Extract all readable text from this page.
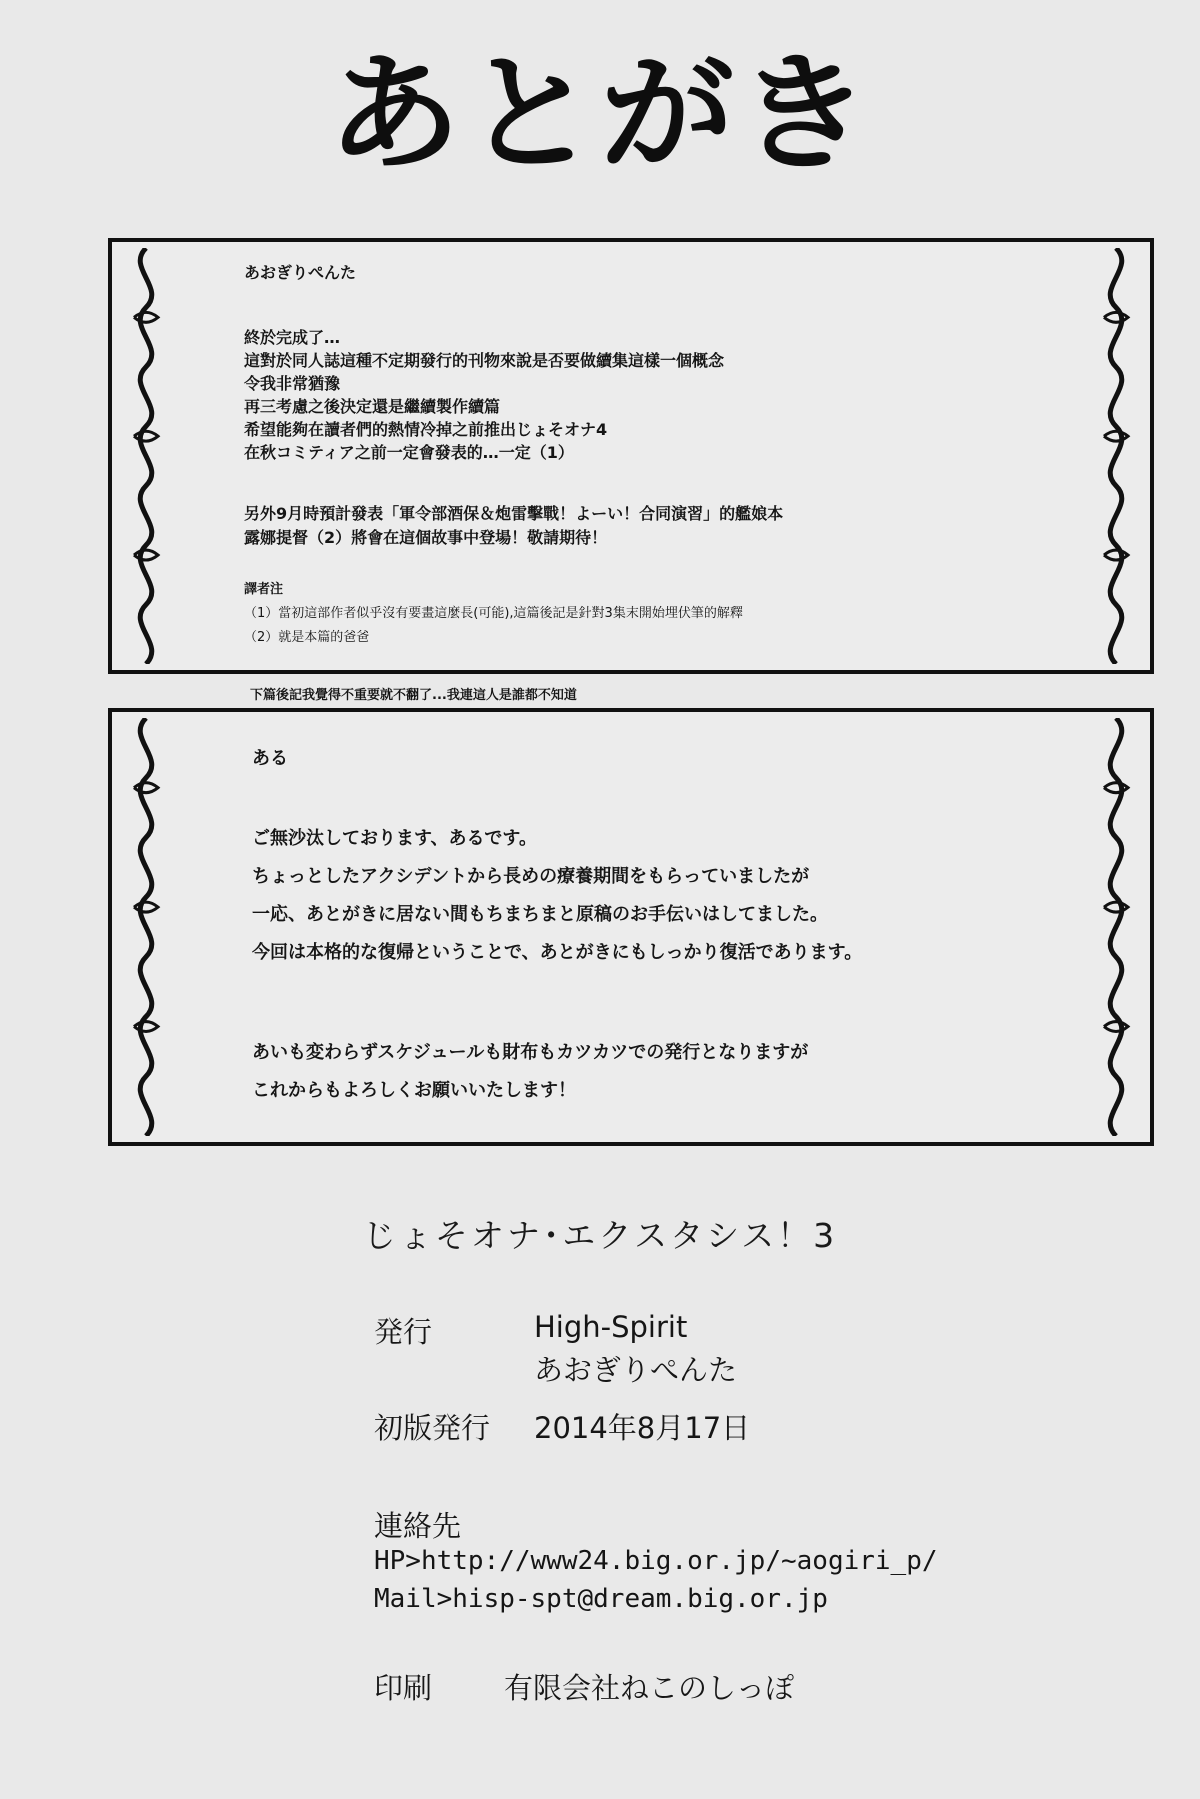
あとがき
あおぎりぺんた
終於完成了…
這對於同人誌這種不定期發行的刊物來說是否要做續集這樣一個概念
令我非常猶豫
再三考慮之後決定還是繼續製作續篇
希望能夠在讀者們的熱情冷掉之前推出じょそオナ4
在秋コミティア之前一定會發表的…一定（1）
另外9月時預計發表「軍令部酒保＆炮雷擊戰！よーい！合同演習」的艦娘本
露娜提督（2）將會在這個故事中登場！敬請期待！
譯者注
（1）當初這部作者似乎沒有要畫這麼長(可能),這篇後記是針對3集末開始埋伏筆的解釋
（2）就是本篇的爸爸
下篇後記我覺得不重要就不翻了...我連這人是誰都不知道
ある
ご無沙汰しております、あるです。
ちょっとしたアクシデントから長めの療養期間をもらっていましたが
一応、あとがきに居ない間もちまちまと原稿のお手伝いはしてました。
今回は本格的な復帰ということで、あとがきにもしっかり復活であります。
あいも変わらずスケジュールも財布もカツカツでの発行となりますが
これからもよろしくお願いいたします！
じょそオナ･エクスタシス！3
発行	High-Spirit
あおぎりぺんた
初版発行 2014年8月17日
連絡先
HP>http://www24.big.or.jp/~aogiri_p/
Mail>hisp-spt@dream.big.or.jp
印刷 有限会社ねこのしっぽ
